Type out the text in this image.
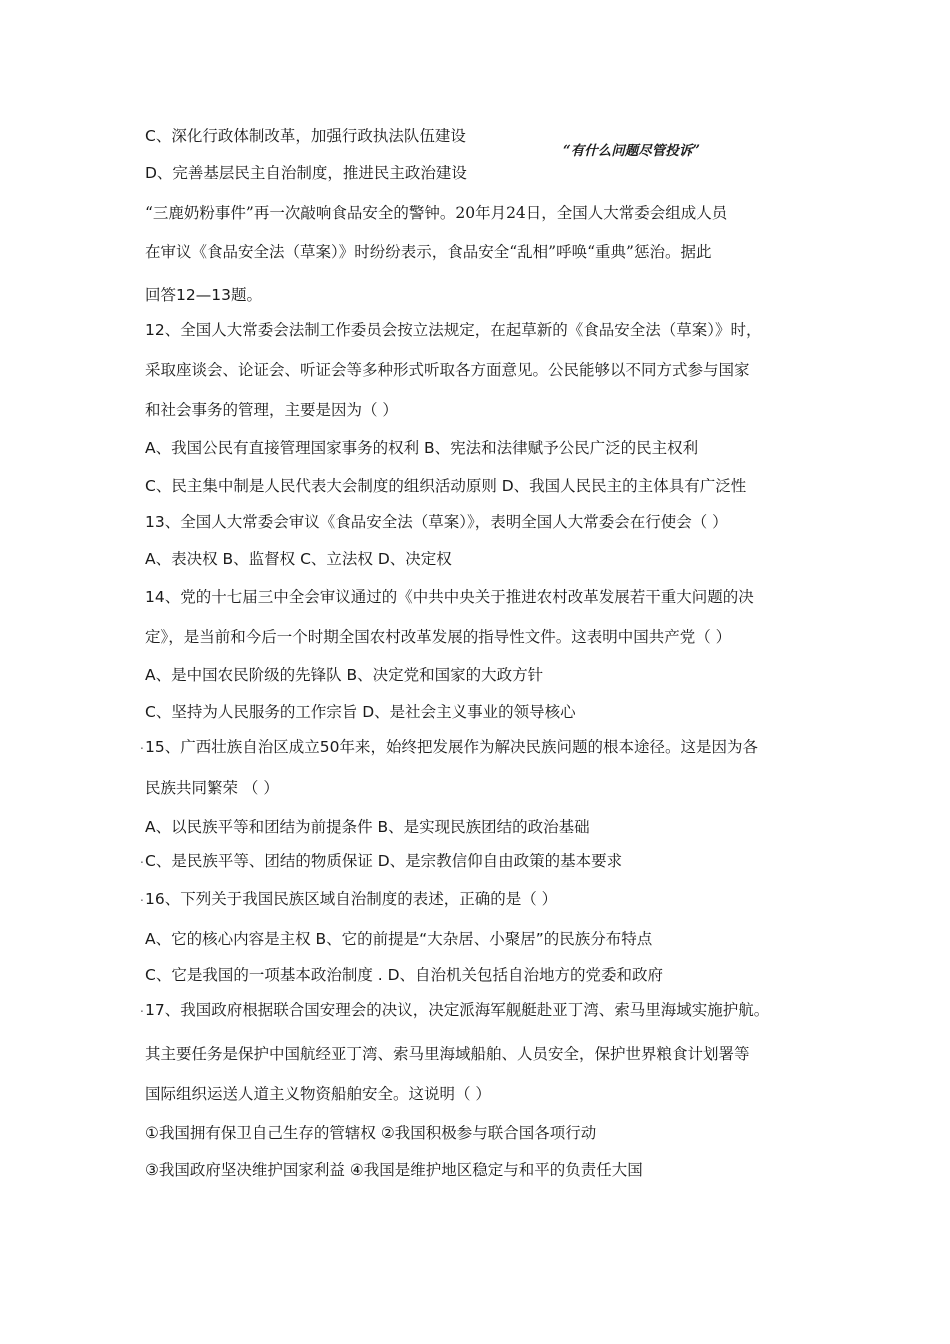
“有什么问题尽管投诉”
C、深化行政体制改革，加强行政执法队伍建设
D、完善基层民主自治制度，推进民主政治建设
“三鹿奶粉事件”再一次敲响食品安全的警钟。20年月24日，全国人大常委会组成人员
在审议《食品安全法（草案）》时纷纷表示，食品安全“乱相”呼唤“重典”惩治。据此
回答12—13题。
12、全国人大常委会法制工作委员会按立法规定，在起草新的《食品安全法（草案）》时，
采取座谈会、论证会、听证会等多种形式听取各方面意见。公民能够以不同方式参与国家
和社会事务的管理，主要是因为（ ）
A、我国公民有直接管理国家事务的权利 B、宪法和法律赋予公民广泛的民主权利
C、民主集中制是人民代表大会制度的组织活动原则 D、我国人民民主的主体具有广泛性
13、全国人大常委会审议《食品安全法（草案）》，表明全国人大常委会在行使会（ ）
A、表决权 B、监督权 C、立法权 D、决定权
14、党的十七届三中全会审议通过的《中共中央关于推进农村改革发展若干重大问题的决
定》，是当前和今后一个时期全国农村改革发展的指导性文件。这表明中国共产党（ ）
A、是中国农民阶级的先锋队 B、决定党和国家的大政方针
C、坚持为人民服务的工作宗旨 D、是社会主义事业的领导核心
. 15、广西壮族自治区成立50年来，始终把发展作为解决民族问题的根本途径。这是因为各
民族共同繁荣 （ ）
A、以民族平等和团结为前提条件 B、是实现民族团结的政治基础
. C、是民族平等、团结的物质保证 D、是宗教信仰自由政策的基本要求
. 16、下列关于我国民族区域自治制度的表述，正确的是（ ）
A、它的核心内容是主权 B、它的前提是“大杂居、小聚居”的民族分布特点
C、它是我国的一项基本政治制度 . D、自治机关包括自治地方的党委和政府
. 17、我国政府根据联合国安理会的决议，决定派海军舰艇赴亚丁湾、索马里海域实施护航。
其主要任务是保护中国航经亚丁湾、索马里海域船舶、人员安全，保护世界粮食计划署等
国际组织运送人道主义物资船舶安全。这说明（ ）
①我国拥有保卫自己生存的管辖权 ②我国积极参与联合国各项行动
③我国政府坚决维护国家利益 ④我国是维护地区稳定与和平的负责任大国
